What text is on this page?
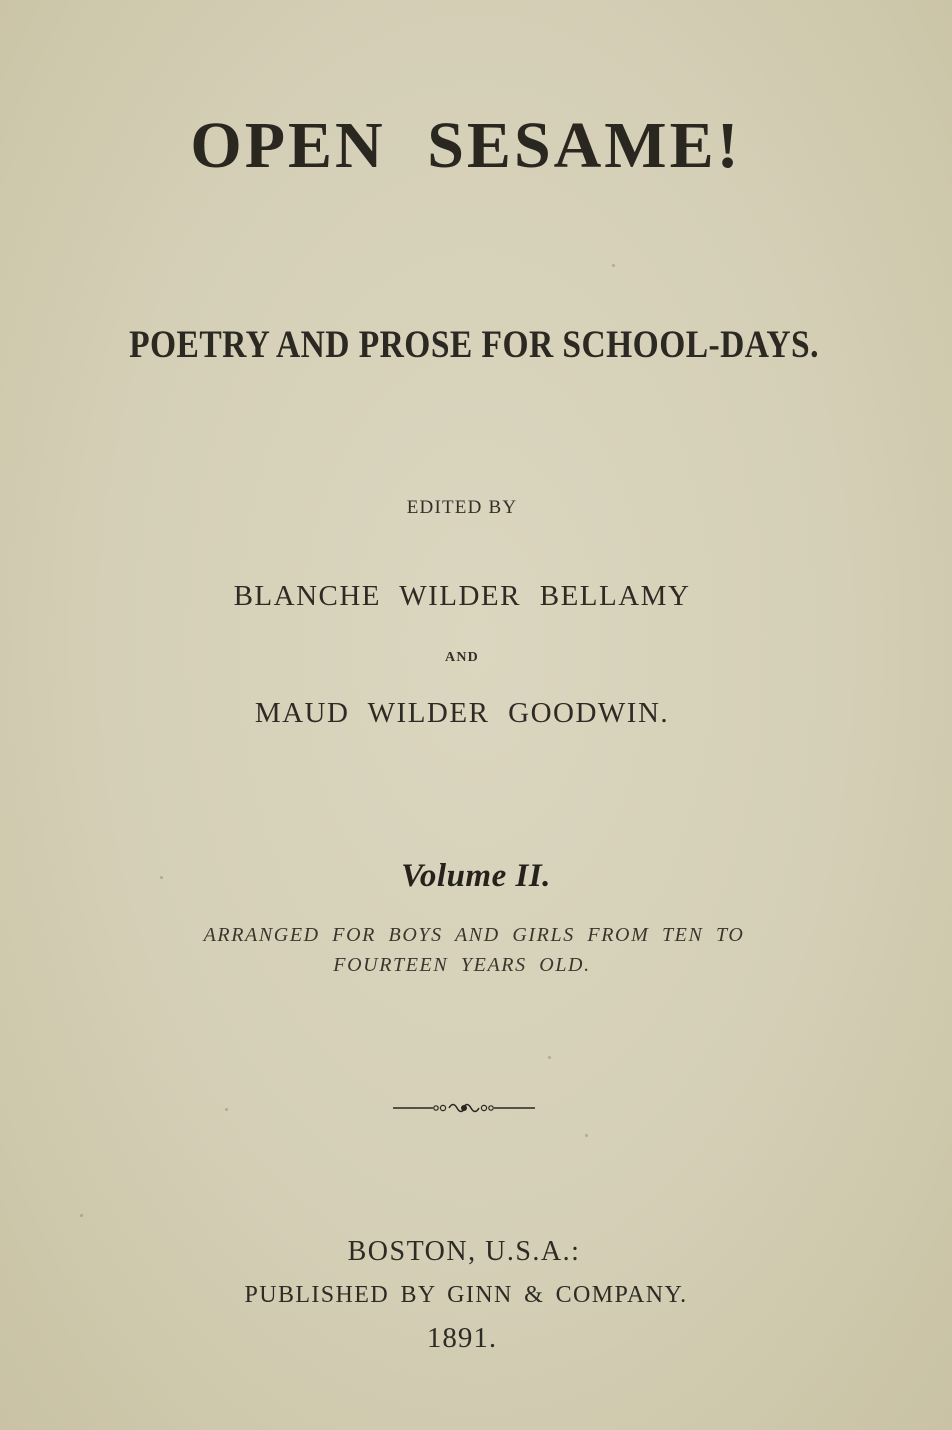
OPEN SESAME!
POETRY AND PROSE FOR SCHOOL-DAYS.
EDITED BY
BLANCHE WILDER BELLAMY
AND
MAUD WILDER GOODWIN.
Volume II.
ARRANGED FOR BOYS AND GIRLS FROM TEN TO
FOURTEEN YEARS OLD.
BOSTON, U.S.A.:
PUBLISHED BY GINN & COMPANY.
1891.
